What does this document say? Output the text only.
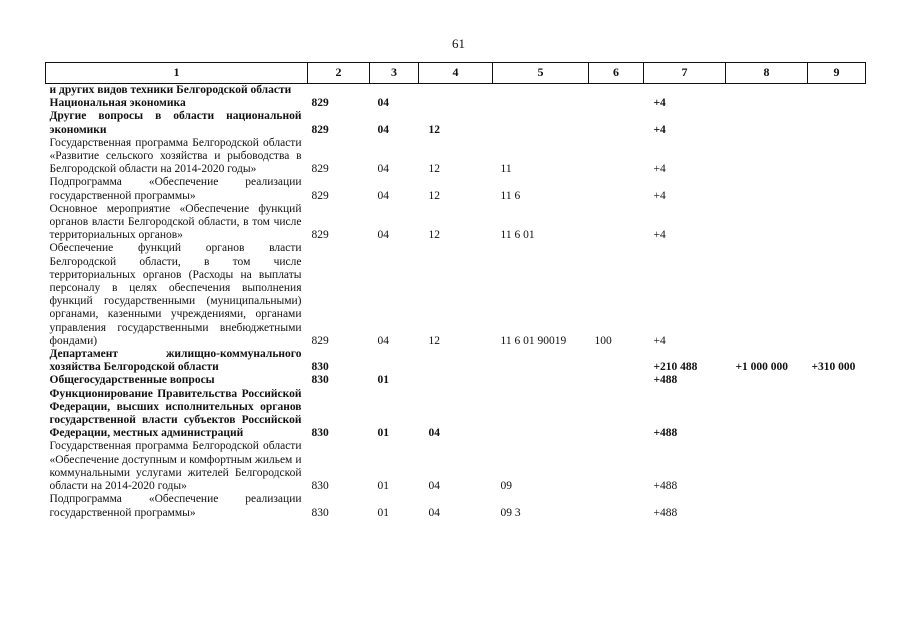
61
1	2	3	4	5	6	7	8	9
и других видов техники Белгородской области								
Национальная экономика	829	04				+4		
Другие вопросы в области национальной экономики	829	04	12			+4		
Государственная программа Белгородской области «Развитие сельского хозяйства и рыбоводства в Белгородской области на 2014-2020 годы»	829	04	12	11		+4		
Подпрограмма «Обеспечение реализации государственной программы»	829	04	12	11 6		+4		
Основное мероприятие «Обеспечение функций органов власти Белгородской области, в том числе территориальных органов»	829	04	12	11 6 01		+4		
Обеспечение функций органов власти Белгородской области, в том числе территориальных органов (Расходы на выплаты персоналу в целях обеспечения выполнения функций государственными (муниципальными) органами, казенными учреждениями, органами управления государственными внебюджетными фондами)	829	04	12	11 6 01 90019	100	+4		
Департамент жилищно-коммунального хозяйства Белгородской области	830					+210 488	+1 000 000	+310 000
Общегосударственные вопросы	830	01				+488		
Функционирование Правительства Российской Федерации, высших исполнительных органов государственной власти субъектов Российской Федерации, местных администраций	830	01	04			+488		
Государственная программа Белгородской области «Обеспечение доступным и комфортным жильем и коммунальными услугами жителей Белгородской области на 2014-2020 годы»	830	01	04	09		+488		
Подпрограмма «Обеспечение реализации государственной программы»	830	01	04	09 3		+488		
